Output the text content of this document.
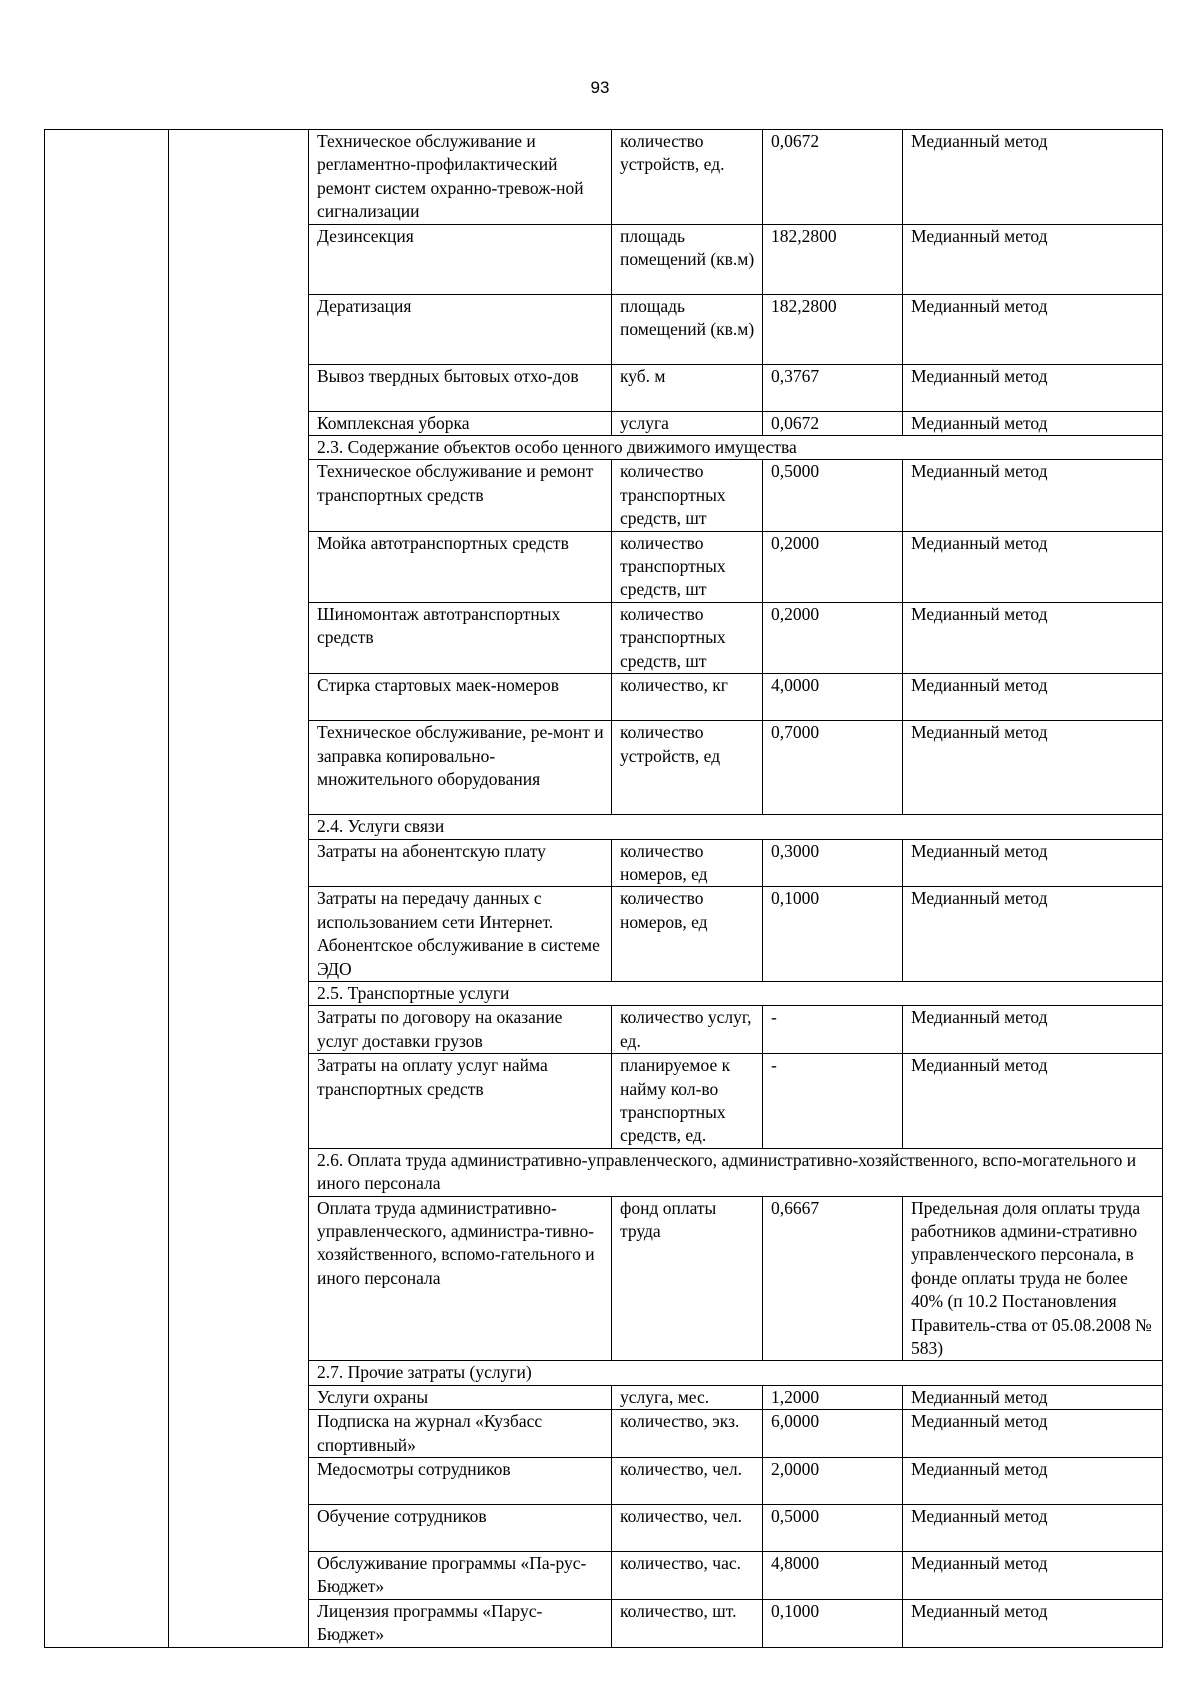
93
		Техническое обслуживание и регламентно-профилактический ремонт систем охранно-тревож-ной сигнализации	количество устройств, ед.	0,0672	Медианный метод
		Дезинсекция	площадь помещений (кв.м)	182,2800	Медианный метод
		Дератизация	площадь помещений (кв.м)	182,2800	Медианный метод
		Вывоз твердных бытовых отхо-дов	куб. м	0,3767	Медианный метод
		Комплексная уборка	услуга	0,0672	Медианный метод
		2.3. Содержание объектов особо ценного движимого имущества			
		Техническое обслуживание и ремонт транспортных средств	количество транспортных средств, шт	0,5000	Медианный метод
		Мойка автотранспортных средств	количество транспортных средств, шт	0,2000	Медианный метод
		Шиномонтаж автотранспортных средств	количество транспортных средств, шт	0,2000	Медианный метод
		Стирка стартовых маек-номеров	количество, кг	4,0000	Медианный метод
		Техническое обслуживание, ре-монт и заправка копировально-множительного оборудования	количество устройств, ед	0,7000	Медианный метод
		2.4. Услуги связи			
		Затраты на абонентскую плату	количество номеров, ед	0,3000	Медианный метод
		Затраты на передачу данных с использованием сети Интернет. Абонентское обслуживание в системе ЭДО	количество номеров, ед	0,1000	Медианный метод
		2.5. Транспортные услуги			
		Затраты по договору на оказание услуг доставки грузов	количество услуг, ед.	-	Медианный метод
		Затраты на оплату услуг найма транспортных средств	планируемое к найму кол-во транспортных средств, ед.	-	Медианный метод
		2.6. Оплата труда административно-управленческого, административно-хозяйственного, вспо-могательного и иного персонала			
		Оплата труда административно-управленческого, администра-тивно-хозяйственного, вспомо-гательного и иного персонала	фонд оплаты труда	0,6667	Предельная доля оплаты труда работников админи-стративно управленческого персонала, в фонде оплаты труда не более 40% (п 10.2 Постановления Правитель-ства от 05.08.2008 № 583)
		2.7. Прочие затраты (услуги)			
		Услуги охраны	услуга, мес.	1,2000	Медианный метод
		Подписка на журнал «Кузбасс спортивный»	количество, экз.	6,0000	Медианный метод
		Медосмотры сотрудников	количество, чел.	2,0000	Медианный метод
		Обучение сотрудников	количество, чел.	0,5000	Медианный метод
		Обслуживание программы «Па-рус-Бюджет»	количество, час.	4,8000	Медианный метод
		Лицензия программы «Парус-Бюджет»	количество, шт.	0,1000	Медианный метод
